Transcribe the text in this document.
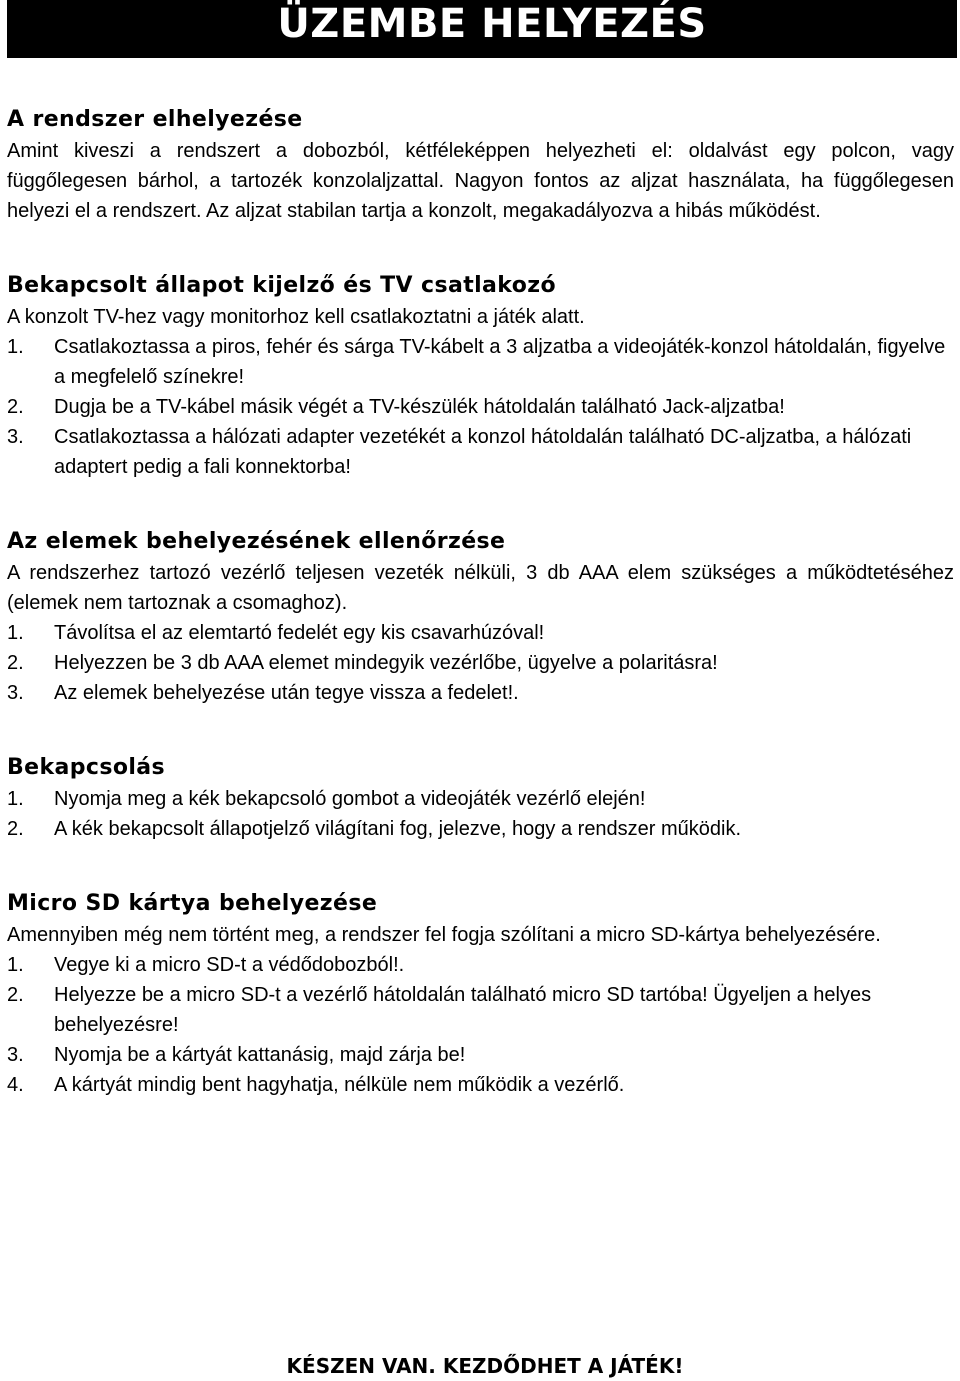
ÜZEMBE HELYEZÉS
A rendszer elhelyezése

Amint kiveszi a rendszert a dobozból, kétféleképpen helyezheti el: oldalvást egy polcon, vagy függőlegesen bárhol, a tartozék konzolaljzattal. Nagyon fontos az aljzat használata, ha függőlegesen helyezi el a rendszert. Az aljzat stabilan tartja a konzolt, megakadályozva a hibás működést.

Bekapcsolt állapot kijelző és TV csatlakozó

A konzolt TV-hez vagy monitorhoz kell csatlakoztatni a játék alatt.

1. Csatlakoztassa a piros, fehér és sárga TV-kábelt a 3 aljzatba a videojáték-konzol hátoldalán, figyelve a megfelelő színekre!
2. Dugja be a TV-kábel másik végét a TV-készülék hátoldalán található Jack-aljzatba!
3. Csatlakoztassa a hálózati adapter vezetékét a konzol hátoldalán található DC-aljzatba, a hálózati adaptert pedig a fali konnektorba!
Az elemek behelyezésének ellenőrzése

A rendszerhez tartozó vezérlő teljesen vezeték nélküli, 3 db AAA elem szükséges a működtetéséhez (elemek nem tartoznak a csomaghoz).

1. Távolítsa el az elemtartó fedelét egy kis csavarhúzóval!
2. Helyezzen be 3 db AAA elemet mindegyik vezérlőbe, ügyelve a polaritásra!
3. Az elemek behelyezése után tegye vissza a fedelet!.
Bekapcsolás
1. Nyomja meg a kék bekapcsoló gombot a videojáték vezérlő elején!
2. A kék bekapcsolt állapotjelző világítani fog, jelezve, hogy a rendszer működik.
Micro SD kártya behelyezése

Amennyiben még nem történt meg, a rendszer fel fogja szólítani a micro SD-kártya behelyezésére.

1. Vegye ki a micro SD-t a védődobozból!.
2. Helyezze be a micro SD-t a vezérlő hátoldalán található micro SD tartóba! Ügyeljen a helyes behelyezésre!
3. Nyomja be a kártyát kattanásig, majd zárja be!
4. A kártyát mindig bent hagyhatja, nélküle nem működik a vezérlő.
KÉSZEN VAN. KEZDŐDHET A JÁTÉK!
